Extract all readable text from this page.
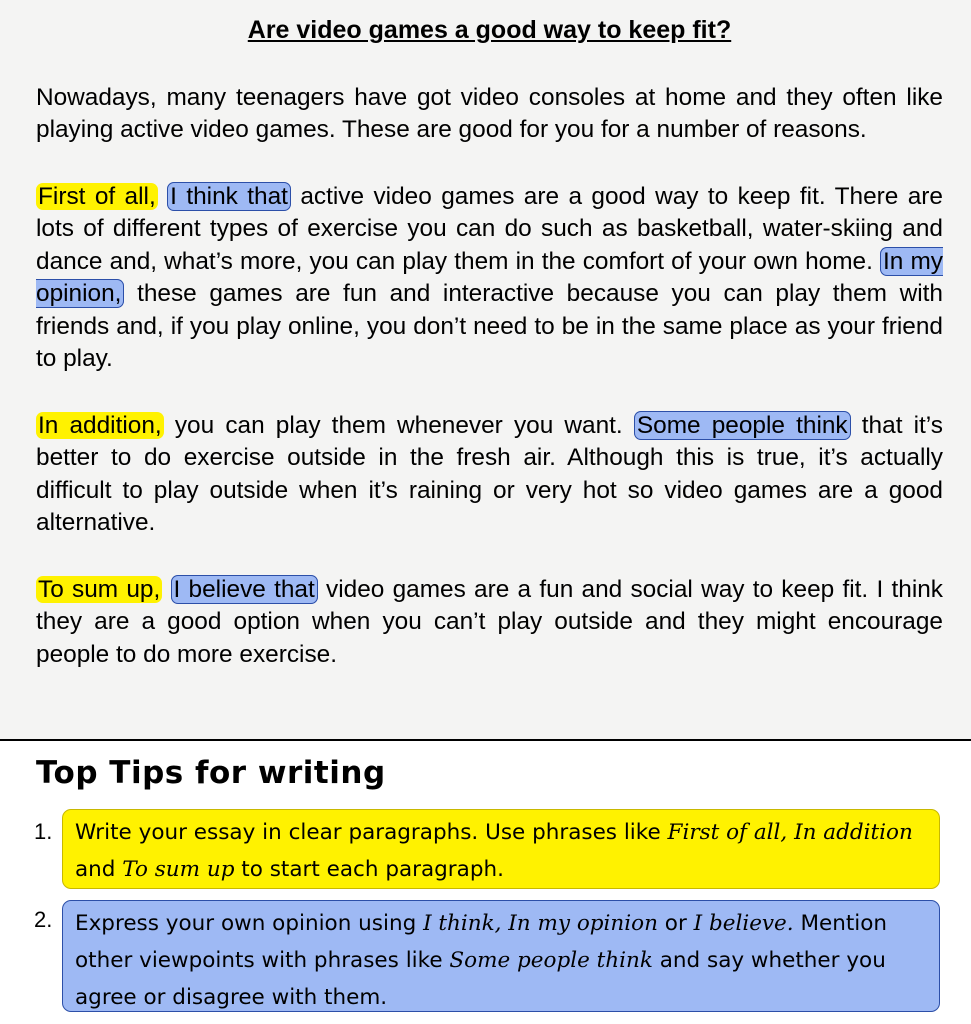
Are video games a good way to keep fit?

Nowadays, many teenagers have got video consoles at home and they often like playing active video games. These are good for you for a number of reasons.

First of all, I think that active video games are a good way to keep fit. There are lots of different types of exercise you can do such as basketball, water-skiing and dance and, what’s more, you can play them in the comfort of your own home. In my opinion, these games are fun and interactive because you can play them with friends and, if you play online, you don’t need to be in the same place as your friend to play.

In addition, you can play them whenever you want. Some people think that it’s better to do exercise outside in the fresh air. Although this is true, it’s actually difficult to play outside when it’s raining or very hot so video games are a good alternative.

To sum up, I believe that video games are a fun and social way to keep fit. I think they are a good option when you can’t play outside and they might encourage people to do more exercise.

Top Tips for writing
1.	Write your essay in clear paragraphs. Use phrases like First of all, In addition and To sum up to start each paragraph.
2.	Express your own opinion using I think, In my opinion or I believe. Mention other viewpoints with phrases like Some people think and say whether you agree or disagree with them.
